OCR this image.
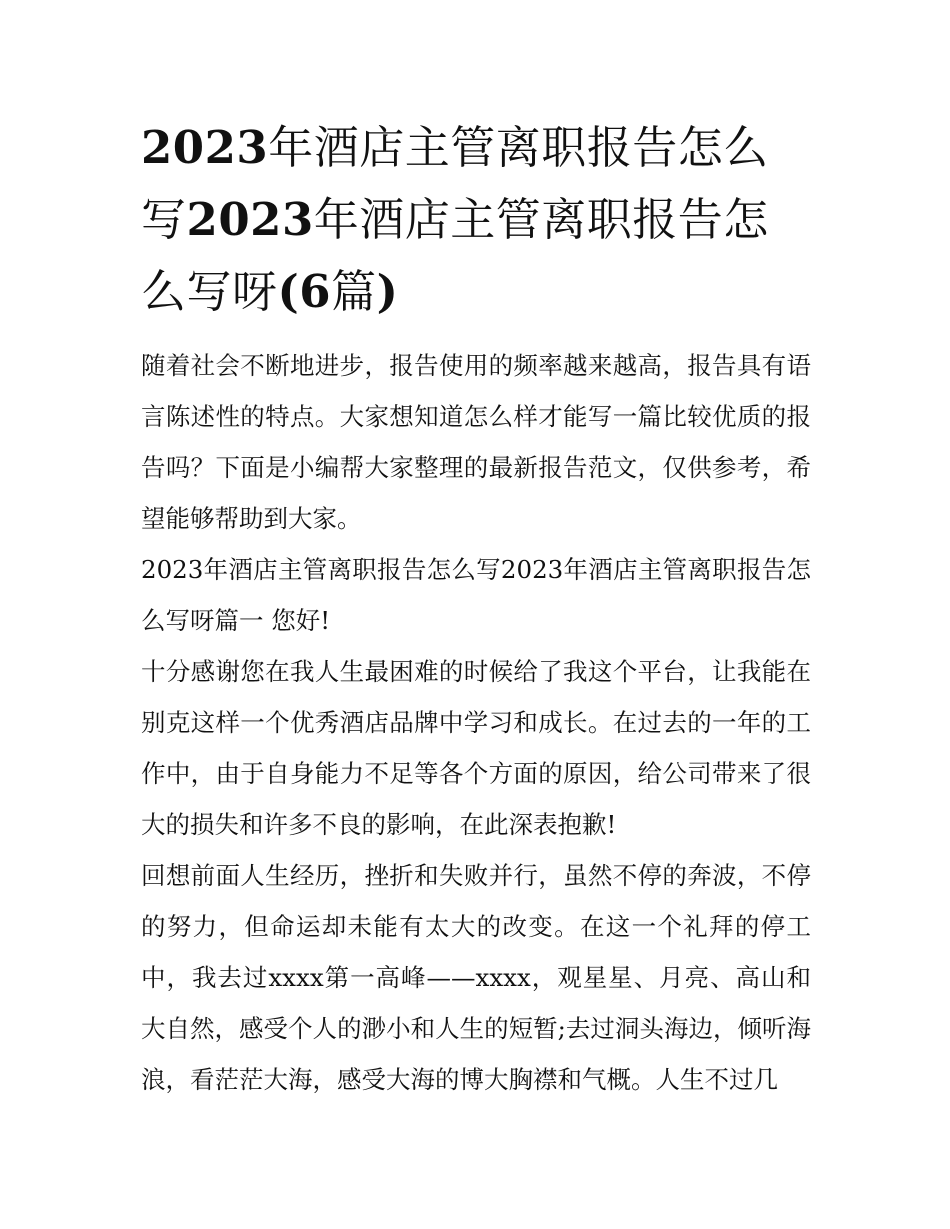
2023年酒店主管离职报告怎么写2023年酒店主管离职报告怎么写呀(6篇)

随着社会不断地进步，报告使用的频率越来越高，报告具有语言陈述性的特点。大家想知道怎么样才能写一篇比较优质的报告吗？下面是小编帮大家整理的最新报告范文，仅供参考，希望能够帮助到大家。

2023年酒店主管离职报告怎么写2023年酒店主管离职报告怎么写呀篇一 您好!

十分感谢您在我人生最困难的时候给了我这个平台，让我能在别克这样一个优秀酒店品牌中学习和成长。在过去的一年的工作中，由于自身能力不足等各个方面的原因，给公司带来了很大的损失和许多不良的影响，在此深表抱歉!

回想前面人生经历，挫折和失败并行，虽然不停的奔波，不停的努力，但命运却未能有太大的改变。在这一个礼拜的停工中，我去过xxxx第一高峰——xxxx，观星星、月亮、高山和大自然，感受个人的渺小和人生的短暂;去过洞头海边，倾听海浪，看茫茫大海，感受大海的博大胸襟和气概。人生不过几
